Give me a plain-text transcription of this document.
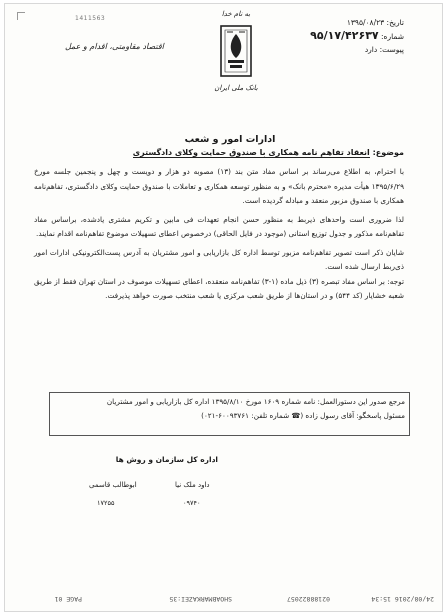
1411563
اقتصاد مقاومتی، اقدام و عمل
به نام خدا
بانک ملی ایران
تاریخ: ۱۳۹۵/۰۸/۲۳
شماره: ۹۵/۱۷/۴۲۶۳۷
پیوست: دارد
ادارات امور و شعب
موضوع: انعقاد تفاهم نامه همکاری با صندوق حمایت وکلای دادگستری

با احترام، به اطلاع می‌رساند بر اساس مفاد متن بند (۱۳) مصوبه دو هزار و دویست و چهل و پنجمین جلسه مورخ ۱۳۹۵/۶/۲۹ هیأت مدیره «محترم بانک» و به منظور توسعه همکاری و تعاملات با صندوق حمایت وکلای دادگستری، تفاهم‌نامه همکاری با صندوق مزبور منعقد و مبادله گردیده است.

لذا ضروری است واحدهای ذیربط به منظور حسن انجام تعهدات فی مابین و تکریم مشتری یادشده، براساس مفاد تفاهم‌نامه مذکور و جدول توزیع استانی (موجود در فایل الحاقی) درخصوص اعطای تسهیلات موضوع تفاهم‌نامه اقدام نمایند.

شایان ذکر است تصویر تفاهم‌نامه مزبور توسط اداره کل بازاریابی و امور مشتریان به آدرس پست‌الکترونیکی ادارات امور ذی‌ربط ارسال شده است.

توجه: بر اساس مفاد تبصره (۳) ذیل ماده (۱-۳) تفاهم‌نامه منعقده، اعطای تسهیلات موصوف در استان تهران فقط از طریق شعبه خشایار (کد ۵۴۴) و در استان‌ها از طریق شعب مرکزی یا شعب منتخب صورت خواهد پذیرفت.

مرجع صدور این دستورالعمل: نامه شماره ۱۶۰۹ مورخ ۱۳۹۵/۸/۱۰ اداره کل بازاریابی و امور مشتریان
مسئول پاسخگو: آقای رسول زاده (☎ شماره تلفن: ۶۰۰۹۳۷۶۱-۰۲۱)
اداره کل سازمان و روش ها
داود ملک نیا
۰۹۷۴۰
ابوطالب قاسمی
۱۷۲۵۵
24/08/2016 15:34
02188822057
SHOABMARKAZEI:35
PAGE 01
